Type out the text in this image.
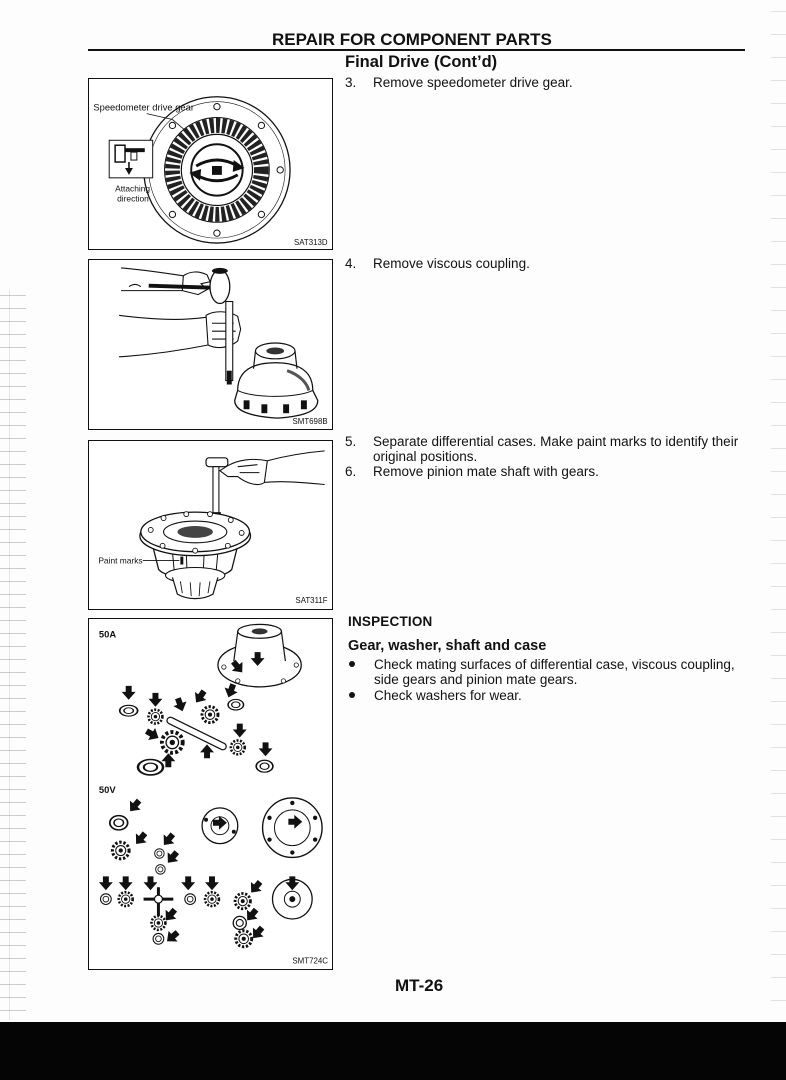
REPAIR FOR COMPONENT PARTS
Final Drive (Cont’d)
Speedometer drive gear
Attaching
direction
SAT313D
SMT698B
Paint marks
SAT311F
50A
50V
SMT724C
3. Remove speedometer drive gear.
4. Remove viscous coupling.
5. Separate differential cases. Make paint marks to identify their
original positions.
6. Remove pinion mate shaft with gears.
INSPECTION
Gear, washer, shaft and case
Check mating surfaces of differential case, viscous coupling,
side gears and pinion mate gears.
Check washers for wear.
MT-26
